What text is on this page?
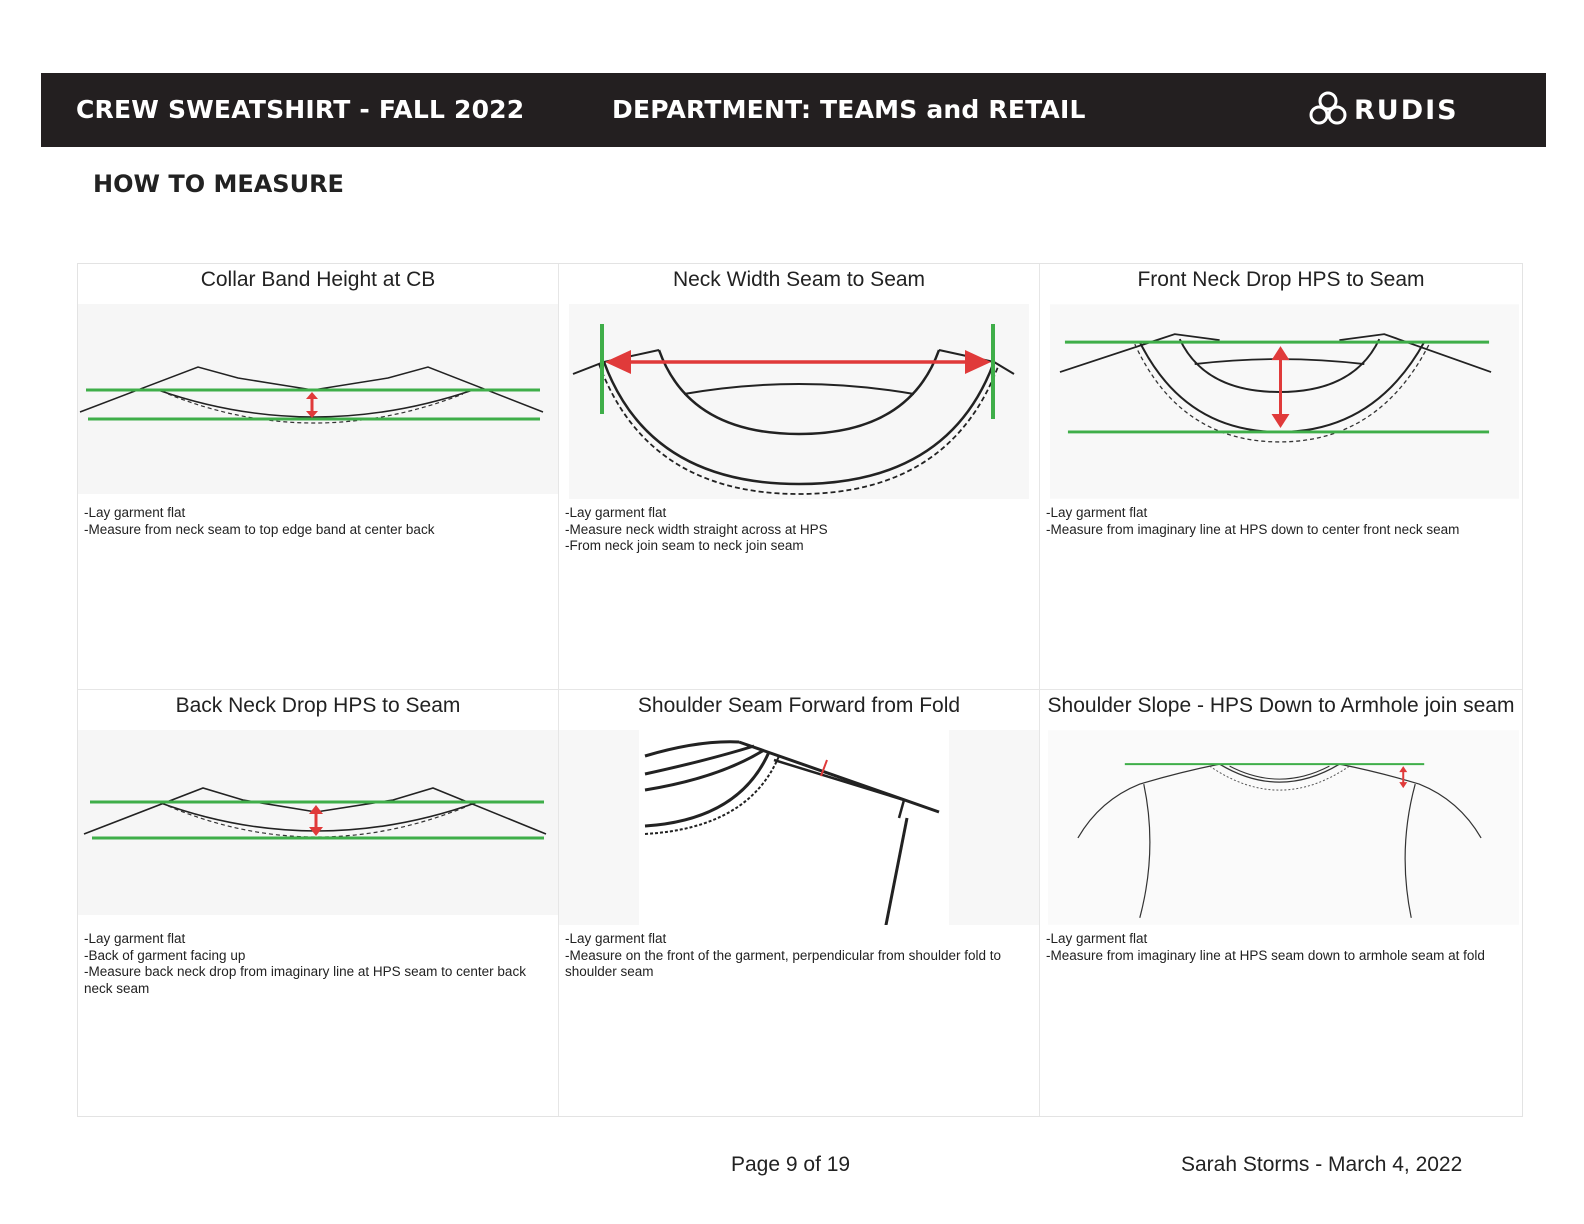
CREW SWEATSHIRT - FALL 2022	DEPARTMENT: TEAMS and RETAIL	RUDIS
HOW TO MEASURE
Collar Band Height at CB
-Lay garment flat
-Measure from neck seam to top edge band at center back
Neck Width Seam to Seam
-Lay garment flat
-Measure neck width straight across at HPS
-From neck join seam to neck join seam
Front Neck Drop HPS to Seam
-Lay garment flat
-Measure from imaginary line at HPS down to center front neck seam
Back Neck Drop HPS to Seam
-Lay garment flat
-Back of garment facing up
-Measure back neck drop from imaginary line at HPS seam to center back neck seam
Shoulder Seam Forward from Fold
-Lay garment flat
-Measure on the front of the garment, perpendicular from shoulder fold to shoulder seam
Shoulder Slope - HPS Down to Armhole join seam
-Lay garment flat
-Measure from imaginary line at HPS seam down to armhole seam at fold
Page 9 of 19	Sarah Storms - March 4, 2022
